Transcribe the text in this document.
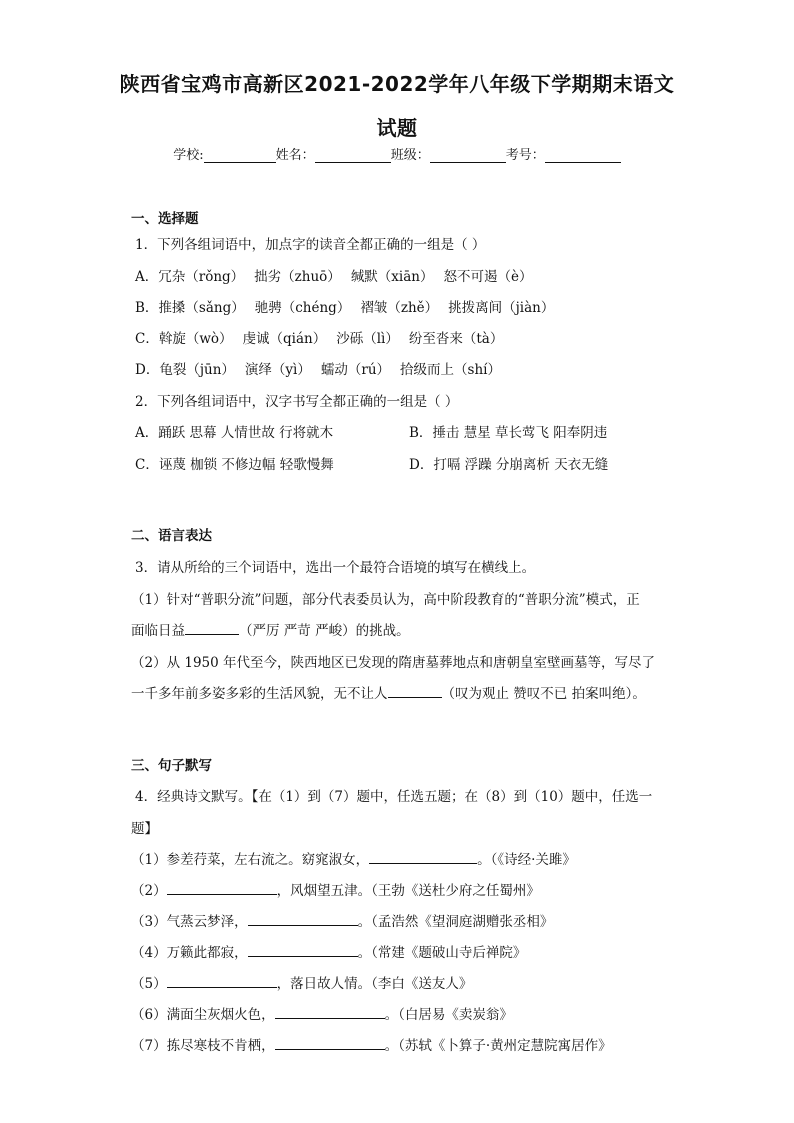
陕西省宝鸡市高新区2021-2022学年八年级下学期期末语文
试题
学校:	姓名：	班级：	考号：
一、选择题
1．下列各组词语中，加点字的读音全都正确的一组是（ ）
A．冗杂（rǒng） 拙劣（zhuō） 缄默（xiān） 怒不可遏（è）
B．推搡（sǎng） 驰骋（chéng） 褶皱（zhě） 挑拨离间（jiàn）
C．斡旋（wò） 虔诚（qián） 沙砾（lì） 纷至沓来（tà）
D．龟裂（jūn） 演绎（yì） 蠕动（rú） 拾级而上（shí）
2．下列各组词语中，汉字书写全都正确的一组是（ ）
A．踊跃 思幕 人情世故 行将就木	B．捶击 慧星 草长莺飞 阳奉阴违
C．诬蔑 枷锁 不修边幅 轻歌慢舞	D．打嗝 浮躁 分崩离析 天衣无缝
二、语言表达
3．请从所给的三个词语中，选出一个最符合语境的填写在横线上。
（1）针对“普职分流”问题，部分代表委员认为，高中阶段教育的“普职分流”模式，正
面临日益	（严厉 严苛 严峻）的挑战。
（2）从 1950 年代至今，陕西地区已发现的隋唐墓葬地点和唐朝皇室壁画墓等，写尽了
一千多年前多姿多彩的生活风貌，无不让人	（叹为观止 赞叹不已 拍案叫绝）。
三、句子默写
4．经典诗文默写。【在（1）到（7）题中，任选五题；在（8）到（10）题中，任选一
题】
（1）参差荇菜，左右流之。窈窕淑女，	。（《诗经·关雎》
（2）	，风烟望五津。（王勃《送杜少府之任蜀州》
（3）气蒸云梦泽，	。（孟浩然《望洞庭湖赠张丞相》
（4）万籁此都寂，	。（常建《题破山寺后禅院》
（5）	，落日故人情。（李白《送友人》
（6）满面尘灰烟火色，	。（白居易《卖炭翁》
（7）拣尽寒枝不肯栖，	。（苏轼《卜算子·黄州定慧院寓居作》
